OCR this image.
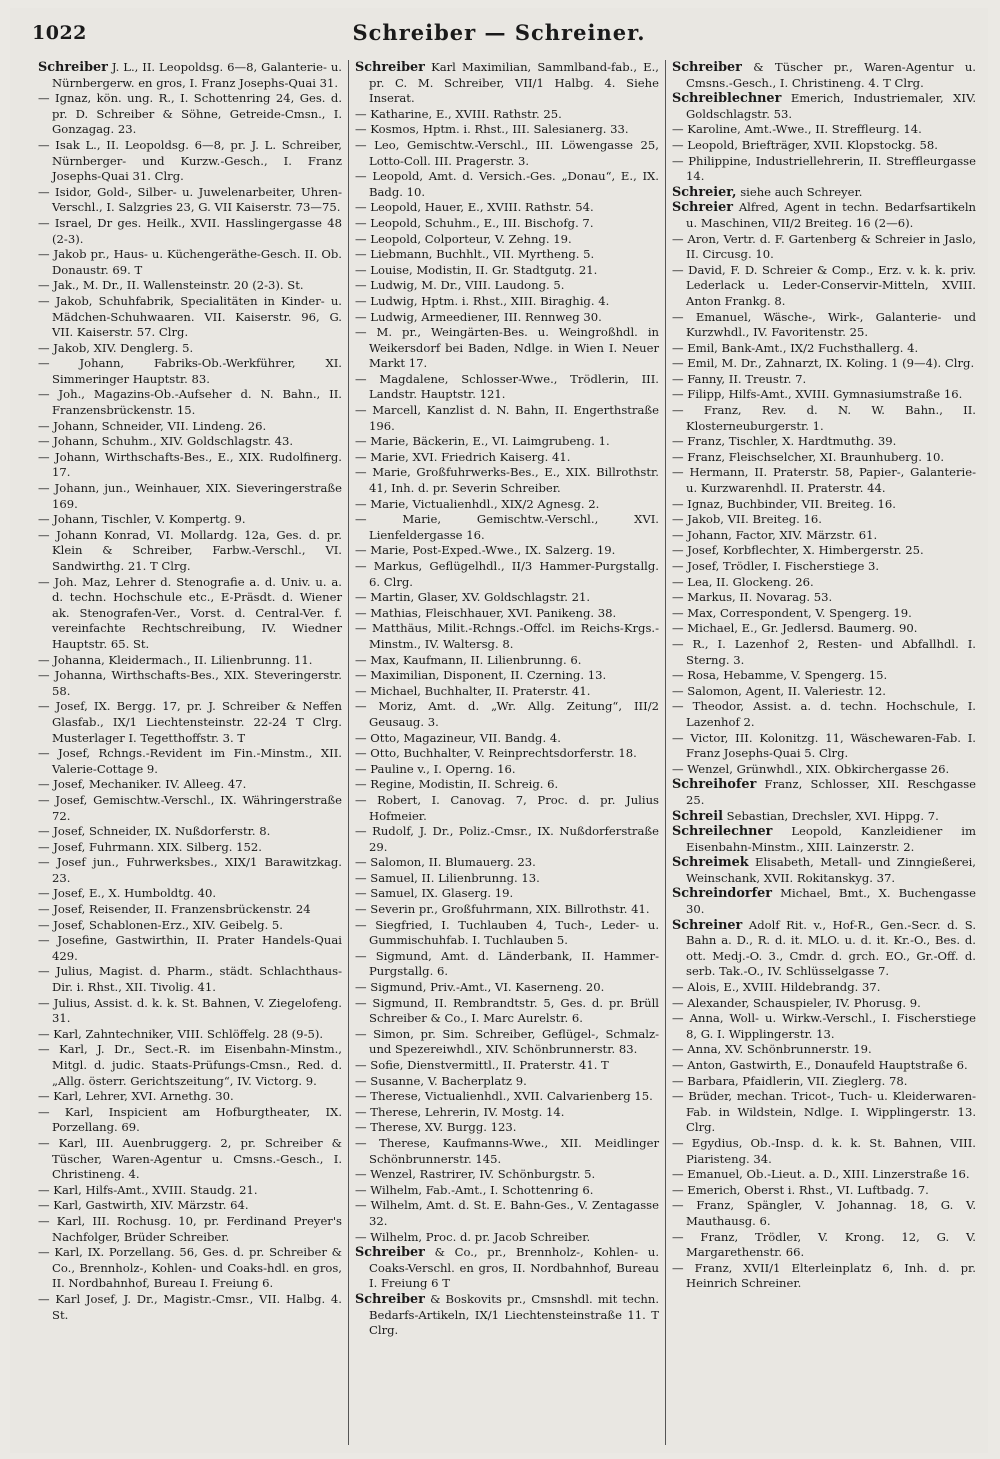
1022	Schreiber — Schreiner.

Schreiber J. L., II. Leopoldsg. 6—8, Galanterie- u. Nürnbergerw. en gros, I. Franz Josephs-Quai 31.

— Ignaz, kön. ung. R., I. Schottenring 24, Ges. d. pr. D. Schreiber & Söhne, Getreide-Cmsn., I. Gonzagag. 23.

— Isak L., II. Leopoldsg. 6—8, pr. J. L. Schreiber, Nürnberger- und Kurzw.-Gesch., I. Franz Josephs-Quai 31. Clrg.

— Isidor, Gold-, Silber- u. Juwelenarbeiter, Uhren-Verschl., I. Salzgries 23, G. VII Kaiserstr. 73—75.

— Israel, Dr ges. Heilk., XVII. Hasslingergasse 48 (2-3).

— Jakob pr., Haus- u. Küchengeräthe-Gesch. II. Ob. Donaustr. 69. T

— Jak., M. Dr., II. Wallensteinstr. 20 (2-3). St.

— Jakob, Schuhfabrik, Specialitäten in Kinder- u. Mädchen-Schuhwaaren. VII. Kaiserstr. 96, G. VII. Kaiserstr. 57. Clrg.

— Jakob, XIV. Denglerg. 5.

— Johann, Fabriks-Ob.-Werkführer, XI. Simmeringer Hauptstr. 83.

— Joh., Magazins-Ob.-Aufseher d. N. Bahn., II. Franzensbrückenstr. 15.

— Johann, Schneider, VII. Lindeng. 26.

— Johann, Schuhm., XIV. Goldschlagstr. 43.

— Johann, Wirthschafts-Bes., E., XIX. Rudolfinerg. 17.

— Johann, jun., Weinhauer, XIX. Sieveringerstraße 169.

— Johann, Tischler, V. Kompertg. 9.

— Johann Konrad, VI. Mollardg. 12a, Ges. d. pr. Klein & Schreiber, Farbw.-Verschl., VI. Sandwirthg. 21. T Clrg.

— Joh. Maz, Lehrer d. Stenografie a. d. Univ. u. a. d. techn. Hochschule etc., E-Präsdt. d. Wiener ak. Stenografen-Ver., Vorst. d. Central-Ver. f. vereinfachte Rechtschreibung, IV. Wiedner Hauptstr. 65. St.

— Johanna, Kleidermach., II. Lilienbrunng. 11.

— Johanna, Wirthschafts-Bes., XIX. Steveringerstr. 58.

— Josef, IX. Bergg. 17, pr. J. Schreiber & Neffen Glasfab., IX/1 Liechtensteinstr. 22-24 T Clrg. Musterlager I. Tegetthoffstr. 3. T

— Josef, Rchngs.-Revident im Fin.-Minstm., XII. Valerie-Cottage 9.

— Josef, Mechaniker. IV. Alleeg. 47.

— Josef, Gemischtw.-Verschl., IX. Währingerstraße 72.

— Josef, Schneider, IX. Nußdorferstr. 8.

— Josef, Fuhrmann. XIX. Silberg. 152.

— Josef jun., Fuhrwerksbes., XIX/1 Barawitzkag. 23.

— Josef, E., X. Humboldtg. 40.

— Josef, Reisender, II. Franzensbrückenstr. 24

— Josef, Schablonen-Erz., XIV. Geibelg. 5.

— Josefine, Gastwirthin, II. Prater Handels-Quai 429.

— Julius, Magist. d. Pharm., städt. Schlachthaus-Dir. i. Rhst., XII. Tivolig. 41.

— Julius, Assist. d. k. k. St. Bahnen, V. Ziegelofeng. 31.

— Karl, Zahntechniker, VIII. Schlöffelg. 28 (9-5).

— Karl, J. Dr., Sect.-R. im Eisenbahn-Minstm., Mitgl. d. judic. Staats-Prüfungs-Cmsn., Red. d. „Allg. österr. Gerichtszeitung“, IV. Victorg. 9.

— Karl, Lehrer, XVI. Arnethg. 30.

— Karl, Inspicient am Hofburgtheater, IX. Porzellang. 69.

— Karl, III. Auenbruggerg. 2, pr. Schreiber & Tüscher, Waren-Agentur u. Cmsns.-Gesch., I. Christineng. 4.

— Karl, Hilfs-Amt., XVIII. Staudg. 21.

— Karl, Gastwirth, XIV. Märzstr. 64.

— Karl, III. Rochusg. 10, pr. Ferdinand Preyer's Nachfolger, Brüder Schreiber.

— Karl, IX. Porzellang. 56, Ges. d. pr. Schreiber & Co., Brennholz-, Kohlen- und Coaks-hdl. en gros, II. Nordbahnhof, Bureau I. Freiung 6.

— Karl Josef, J. Dr., Magistr.-Cmsr., VII. Halbg. 4. St.

Schreiber Karl Maximilian, Sammlband-fab., E., pr. C. M. Schreiber, VII/1 Halbg. 4. Siehe Inserat.

— Katharine, E., XVIII. Rathstr. 25.

— Kosmos, Hptm. i. Rhst., III. Salesianerg. 33.

— Leo, Gemischtw.-Verschl., III. Löwengasse 25, Lotto-Coll. III. Pragerstr. 3.

— Leopold, Amt. d. Versich.-Ges. „Donau“, E., IX. Badg. 10.

— Leopold, Hauer, E., XVIII. Rathstr. 54.

— Leopold, Schuhm., E., III. Bischofg. 7.

— Leopold, Colporteur, V. Zehng. 19.

— Liebmann, Buchhlt., VII. Myrtheng. 5.

— Louise, Modistin, II. Gr. Stadtgutg. 21.

— Ludwig, M. Dr., VIII. Laudong. 5.

— Ludwig, Hptm. i. Rhst., XIII. Biraghig. 4.

— Ludwig, Armeediener, III. Rennweg 30.

— M. pr., Weingärten-Bes. u. Weingroßhdl. in Weikersdorf bei Baden, Ndlge. in Wien I. Neuer Markt 17.

— Magdalene, Schlosser-Wwe., Trödlerin, III. Landstr. Hauptstr. 121.

— Marcell, Kanzlist d. N. Bahn, II. Engerthstraße 196.

— Marie, Bäckerin, E., VI. Laimgrubeng. 1.

— Marie, XVI. Friedrich Kaiserg. 41.

— Marie, Großfuhrwerks-Bes., E., XIX. Billrothstr. 41, Inh. d. pr. Severin Schreiber.

— Marie, Victualienhdl., XIX/2 Agnesg. 2.

— Marie, Gemischtw.-Verschl., XVI. Lienfeldergasse 16.

— Marie, Post-Exped.-Wwe., IX. Salzerg. 19.

— Markus, Geflügelhdl., II/3 Hammer-Purgstallg. 6. Clrg.

— Martin, Glaser, XV. Goldschlagstr. 21.

— Mathias, Fleischhauer, XVI. Panikeng. 38.

— Matthäus, Milit.-Rchngs.-Offcl. im Reichs-Krgs.-Minstm., IV. Waltersg. 8.

— Max, Kaufmann, II. Lilienbrunng. 6.

— Maximilian, Disponent, II. Czerning. 13.

— Michael, Buchhalter, II. Praterstr. 41.

— Moriz, Amt. d. „Wr. Allg. Zeitung“, III/2 Geusaug. 3.

— Otto, Magazineur, VII. Bandg. 4.

— Otto, Buchhalter, V. Reinprechtsdorferstr. 18.

— Pauline v., I. Operng. 16.

— Regine, Modistin, II. Schreig. 6.

— Robert, I. Canovag. 7, Proc. d. pr. Julius Hofmeier.

— Rudolf, J. Dr., Poliz.-Cmsr., IX. Nußdorferstraße 29.

— Salomon, II. Blumauerg. 23.

— Samuel, II. Lilienbrunng. 13.

— Samuel, IX. Glaserg. 19.

— Severin pr., Großfuhrmann, XIX. Billrothstr. 41.

— Siegfried, I. Tuchlauben 4, Tuch-, Leder- u. Gummischuhfab. I. Tuchlauben 5.

— Sigmund, Amt. d. Länderbank, II. Hammer-Purgstallg. 6.

— Sigmund, Priv.-Amt., VI. Kaserneng. 20.

— Sigmund, II. Rembrandtstr. 5, Ges. d. pr. Brüll Schreiber & Co., I. Marc Aurelstr. 6.

— Simon, pr. Sim. Schreiber, Geflügel-, Schmalz- und Spezereiwhdl., XIV. Schönbrunnerstr. 83.

— Sofie, Dienstvermittl., II. Praterstr. 41. T

— Susanne, V. Bacherplatz 9.

— Therese, Victualienhdl., XVII. Calvarienberg 15.

— Therese, Lehrerin, IV. Mostg. 14.

— Therese, XV. Burgg. 123.

— Therese, Kaufmanns-Wwe., XII. Meidlinger Schönbrunnerstr. 145.

— Wenzel, Rastrirer, IV. Schönburgstr. 5.

— Wilhelm, Fab.-Amt., I. Schottenring 6.

— Wilhelm, Amt. d. St. E. Bahn-Ges., V. Zentagasse 32.

— Wilhelm, Proc. d. pr. Jacob Schreiber.

Schreiber & Co., pr., Brennholz-, Kohlen- u. Coaks-Verschl. en gros, II. Nordbahnhof, Bureau I. Freiung 6 T

Schreiber & Boskovits pr., Cmsnshdl. mit techn. Bedarfs-Artikeln, IX/1 Liechtensteinstraße 11. T Clrg.

Schreiber & Tüscher pr., Waren-Agentur u. Cmsns.-Gesch., I. Christineng. 4. T Clrg.

Schreiblechner Emerich, Industriemaler, XIV. Goldschlagstr. 53.

— Karoline, Amt.-Wwe., II. Streffleurg. 14.

— Leopold, Briefträger, XVII. Klopstockg. 58.

— Philippine, Industriellehrerin, II. Streffleurgasse 14.

Schreier, siehe auch Schreyer.

Schreier Alfred, Agent in techn. Bedarfsartikeln u. Maschinen, VII/2 Breiteg. 16 (2—6).

— Aron, Vertr. d. F. Gartenberg & Schreier in Jaslo, II. Circusg. 10.

— David, F. D. Schreier & Comp., Erz. v. k. k. priv. Lederlack u. Leder-Conservir-Mitteln, XVIII. Anton Frankg. 8.

— Emanuel, Wäsche-, Wirk-, Galanterie- und Kurzwhdl., IV. Favoritenstr. 25.

— Emil, Bank-Amt., IX/2 Fuchsthallerg. 4.

— Emil, M. Dr., Zahnarzt, IX. Koling. 1 (9—4). Clrg.

— Fanny, II. Treustr. 7.

— Filipp, Hilfs-Amt., XVIII. Gymnasiumstraße 16.

— Franz, Rev. d. N. W. Bahn., II. Klosterneuburgerstr. 1.

— Franz, Tischler, X. Hardtmuthg. 39.

— Franz, Fleischselcher, XI. Braunhuberg. 10.

— Hermann, II. Praterstr. 58, Papier-, Galanterie- u. Kurzwarenhdl. II. Praterstr. 44.

— Ignaz, Buchbinder, VII. Breiteg. 16.

— Jakob, VII. Breiteg. 16.

— Johann, Factor, XIV. Märzstr. 61.

— Josef, Korbflechter, X. Himbergerstr. 25.

— Josef, Trödler, I. Fischerstiege 3.

— Lea, II. Glockeng. 26.

— Markus, II. Novarag. 53.

— Max, Correspondent, V. Spengerg. 19.

— Michael, E., Gr. Jedlersd. Baumerg. 90.

— R., I. Lazenhof 2, Resten- und Abfallhdl. I. Sterng. 3.

— Rosa, Hebamme, V. Spengerg. 15.

— Salomon, Agent, II. Valeriestr. 12.

— Theodor, Assist. a. d. techn. Hochschule, I. Lazenhof 2.

— Victor, III. Kolonitzg. 11, Wäschewaren-Fab. I. Franz Josephs-Quai 5. Clrg.

— Wenzel, Grünwhdl., XIX. Obkirchergasse 26.

Schreihofer Franz, Schlosser, XII. Reschgasse 25.

Schreil Sebastian, Drechsler, XVI. Hippg. 7.

Schreilechner Leopold, Kanzleidiener im Eisenbahn-Minstm., XIII. Lainzerstr. 2.

Schreimek Elisabeth, Metall- und Zinngießerei, Weinschank, XVII. Rokitanskyg. 37.

Schreindorfer Michael, Bmt., X. Buchengasse 30.

Schreiner Adolf Rit. v., Hof-R., Gen.-Secr. d. S. Bahn a. D., R. d. it. MLO. u. d. it. Kr.-O., Bes. d. ott. Medj.-O. 3., Cmdr. d. grch. EO., Gr.-Off. d. serb. Tak.-O., IV. Schlüsselgasse 7.

— Alois, E., XVIII. Hildebrandg. 37.

— Alexander, Schauspieler, IV. Phorusg. 9.

— Anna, Woll- u. Wirkw.-Verschl., I. Fischerstiege 8, G. I. Wipplingerstr. 13.

— Anna, XV. Schönbrunnerstr. 19.

— Anton, Gastwirth, E., Donaufeld Hauptstraße 6.

— Barbara, Pfaidlerin, VII. Zieglerg. 78.

— Brüder, mechan. Tricot-, Tuch- u. Kleiderwaren-Fab. in Wildstein, Ndlge. I. Wipplingerstr. 13. Clrg.

— Egydius, Ob.-Insp. d. k. k. St. Bahnen, VIII. Piaristeng. 34.

— Emanuel, Ob.-Lieut. a. D., XIII. Linzerstraße 16.

— Emerich, Oberst i. Rhst., VI. Luftbadg. 7.

— Franz, Spängler, V. Johannag. 18, G. V. Mauthausg. 6.

— Franz, Trödler, V. Krong. 12, G. V. Margarethenstr. 66.

— Franz, XVII/1 Elterleinplatz 6, Inh. d. pr. Heinrich Schreiner.
